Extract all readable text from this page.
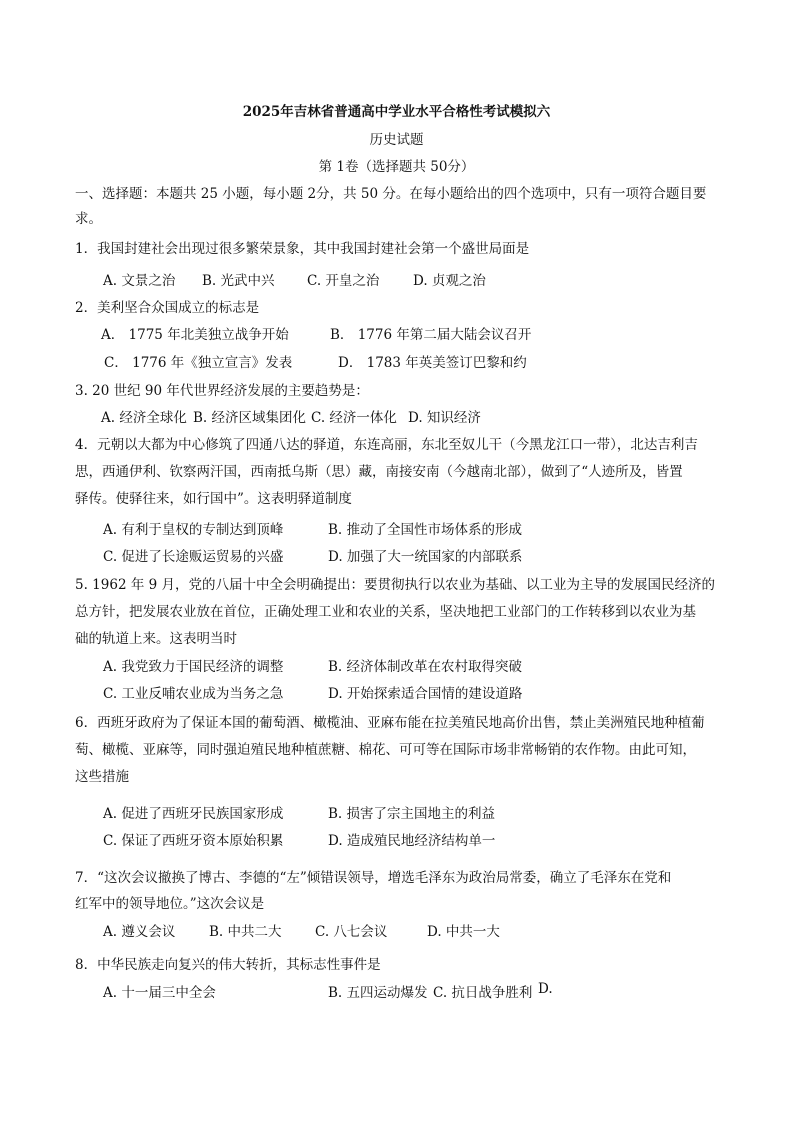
2025年吉林省普通高中学业水平合格性考试模拟六
历史试题
第 1卷（选择题共 50分）
一、选择题：本题共 25 小题，每小题 2分，共 50 分。在每小题给出的四个选项中，只有一项符合题目要
求。
1．我国封建社会出现过很多繁荣景象，其中我国封建社会第一个盛世局面是
A. 文景之治 B. 光武中兴 C. 开皇之治 D. 贞观之治
2．美利坚合众国成立的标志是
A． 1775 年北美独立战争开始	B． 1776 年第二届大陆会议召开
C． 1776 年《独立宣言》发表	D． 1783 年英美签订巴黎和约
3. 20 世纪 90 年代世界经济发展的主要趋势是：
A. 经济全球化 B. 经济区域集团化 C. 经济一体化 D. 知识经济
4．元朝以大都为中心修筑了四通八达的驿道，东连高丽，东北至奴儿干（今黑龙江口一带），北达吉利吉
思，西通伊利、钦察两汗国，西南抵乌斯（思）藏，南接安南（今越南北部），做到了“人迹所及，皆置
驿传。使驿往来，如行国中”。这表明驿道制度
A. 有利于皇权的专制达到顶峰	B. 推动了全国性市场体系的形成
C. 促进了长途贩运贸易的兴盛	D. 加强了大一统国家的内部联系
5. 1962 年 9 月，党的八届十中全会明确提出：要贯彻执行以农业为基础、以工业为主导的发展国民经济的
总方针，把发展农业放在首位，正确处理工业和农业的关系，坚决地把工业部门的工作转移到以农业为基
础的轨道上来。这表明当时
A. 我党致力于国民经济的调整	B. 经济体制改革在农村取得突破
C. 工业反哺农业成为当务之急	D. 开始探索适合国情的建设道路
6．西班牙政府为了保证本国的葡萄酒、橄榄油、亚麻布能在拉美殖民地高价出售，禁止美洲殖民地种植葡
萄、橄榄、亚麻等，同时强迫殖民地种植蔗糖、棉花、可可等在国际市场非常畅销的农作物。由此可知，
这些措施
A. 促进了西班牙民族国家形成	B. 损害了宗主国地主的利益
C. 保证了西班牙资本原始积累	D. 造成殖民地经济结构单一
7．“这次会议撤换了博古、李德的“左”倾错误领导，增选毛泽东为政治局常委，确立了毛泽东在党和
红军中的领导地位。”这次会议是
A. 遵义会议 B. 中共二大 C. 八七会议	D. 中共一大
8．中华民族走向复兴的伟大转折，其标志性事件是
A. 十一届三中全会	B. 五四运动爆发 C. 抗日战争胜利 D.
